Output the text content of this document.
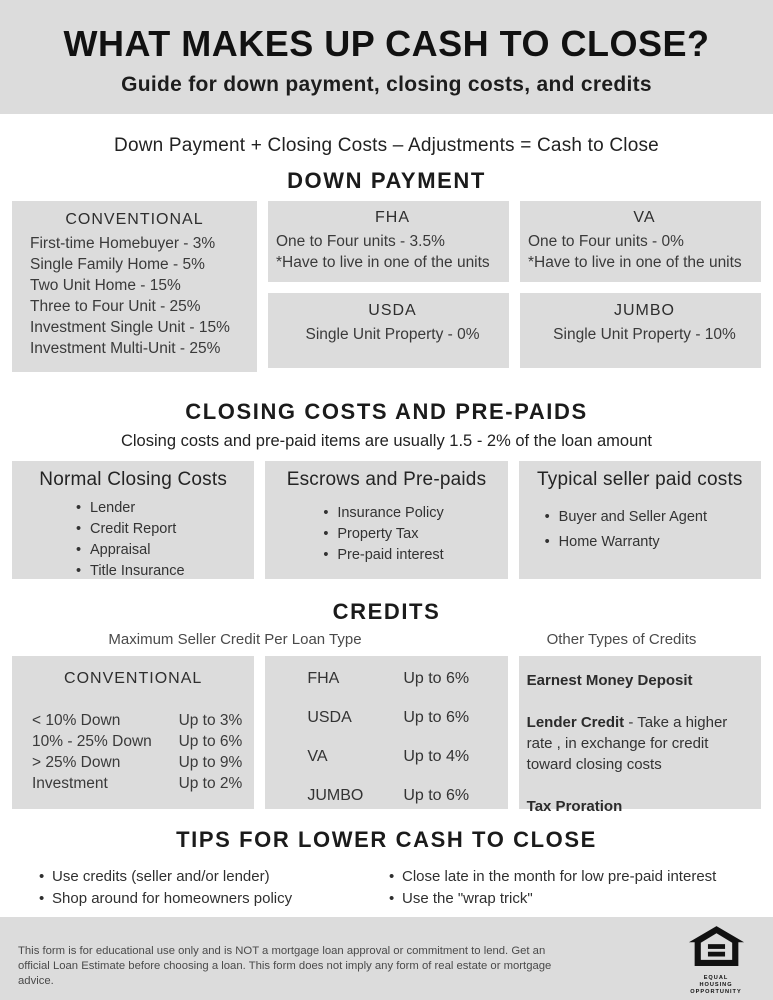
WHAT MAKES UP CASH TO CLOSE?
Guide for down payment, closing costs, and credits
Down Payment + Closing Costs – Adjustments = Cash to Close
DOWN PAYMENT
CONVENTIONAL
First-time Homebuyer - 3%
Single Family Home - 5%
Two Unit Home - 15%
Three to Four Unit - 25%
Investment Single Unit - 15%
Investment Multi-Unit - 25%
FHA
One to Four units - 3.5%
*Have to live in one of the units
USDA
Single Unit Property - 0%
VA
One to Four units - 0%
*Have to live in one of the units
JUMBO
Single Unit Property - 10%
CLOSING COSTS AND PRE-PAIDS
Closing costs and pre-paid items are usually 1.5 - 2% of the loan amount
Normal Closing Costs
• Lender
• Credit Report
• Appraisal
• Title Insurance
Escrows and Pre-paids
• Insurance Policy
• Property Tax
• Pre-paid interest
Typical seller paid costs
• Buyer and Seller Agent
• Home Warranty
CREDITS
Maximum Seller Credit Per Loan Type	Other Types of Credits
CONVENTIONAL
< 10% Down	Up to 3%
10% - 25% Down Up to 6%
> 25% Down	Up to 9%
Investment	Up to 2%
FHA	Up to 6%
USDA	Up to 6%
VA	Up to 4%
JUMBO	Up to 6%
Earnest Money Deposit
Lender Credit - Take a higher rate , in exchange for credit toward closing costs
Tax Proration
TIPS FOR LOWER CASH TO CLOSE
• Use credits (seller and/or lender)
• Shop around for homeowners policy
• Close late in the month for low pre-paid interest
• Use the "wrap trick"
This form is for educational use only and is NOT a mortgage loan approval or commitment to lend. Get an official Loan Estimate before choosing a loan. This form does not imply any form of real estate or mortgage advice.	EQUAL HOUSING
OPPORTUNITY
